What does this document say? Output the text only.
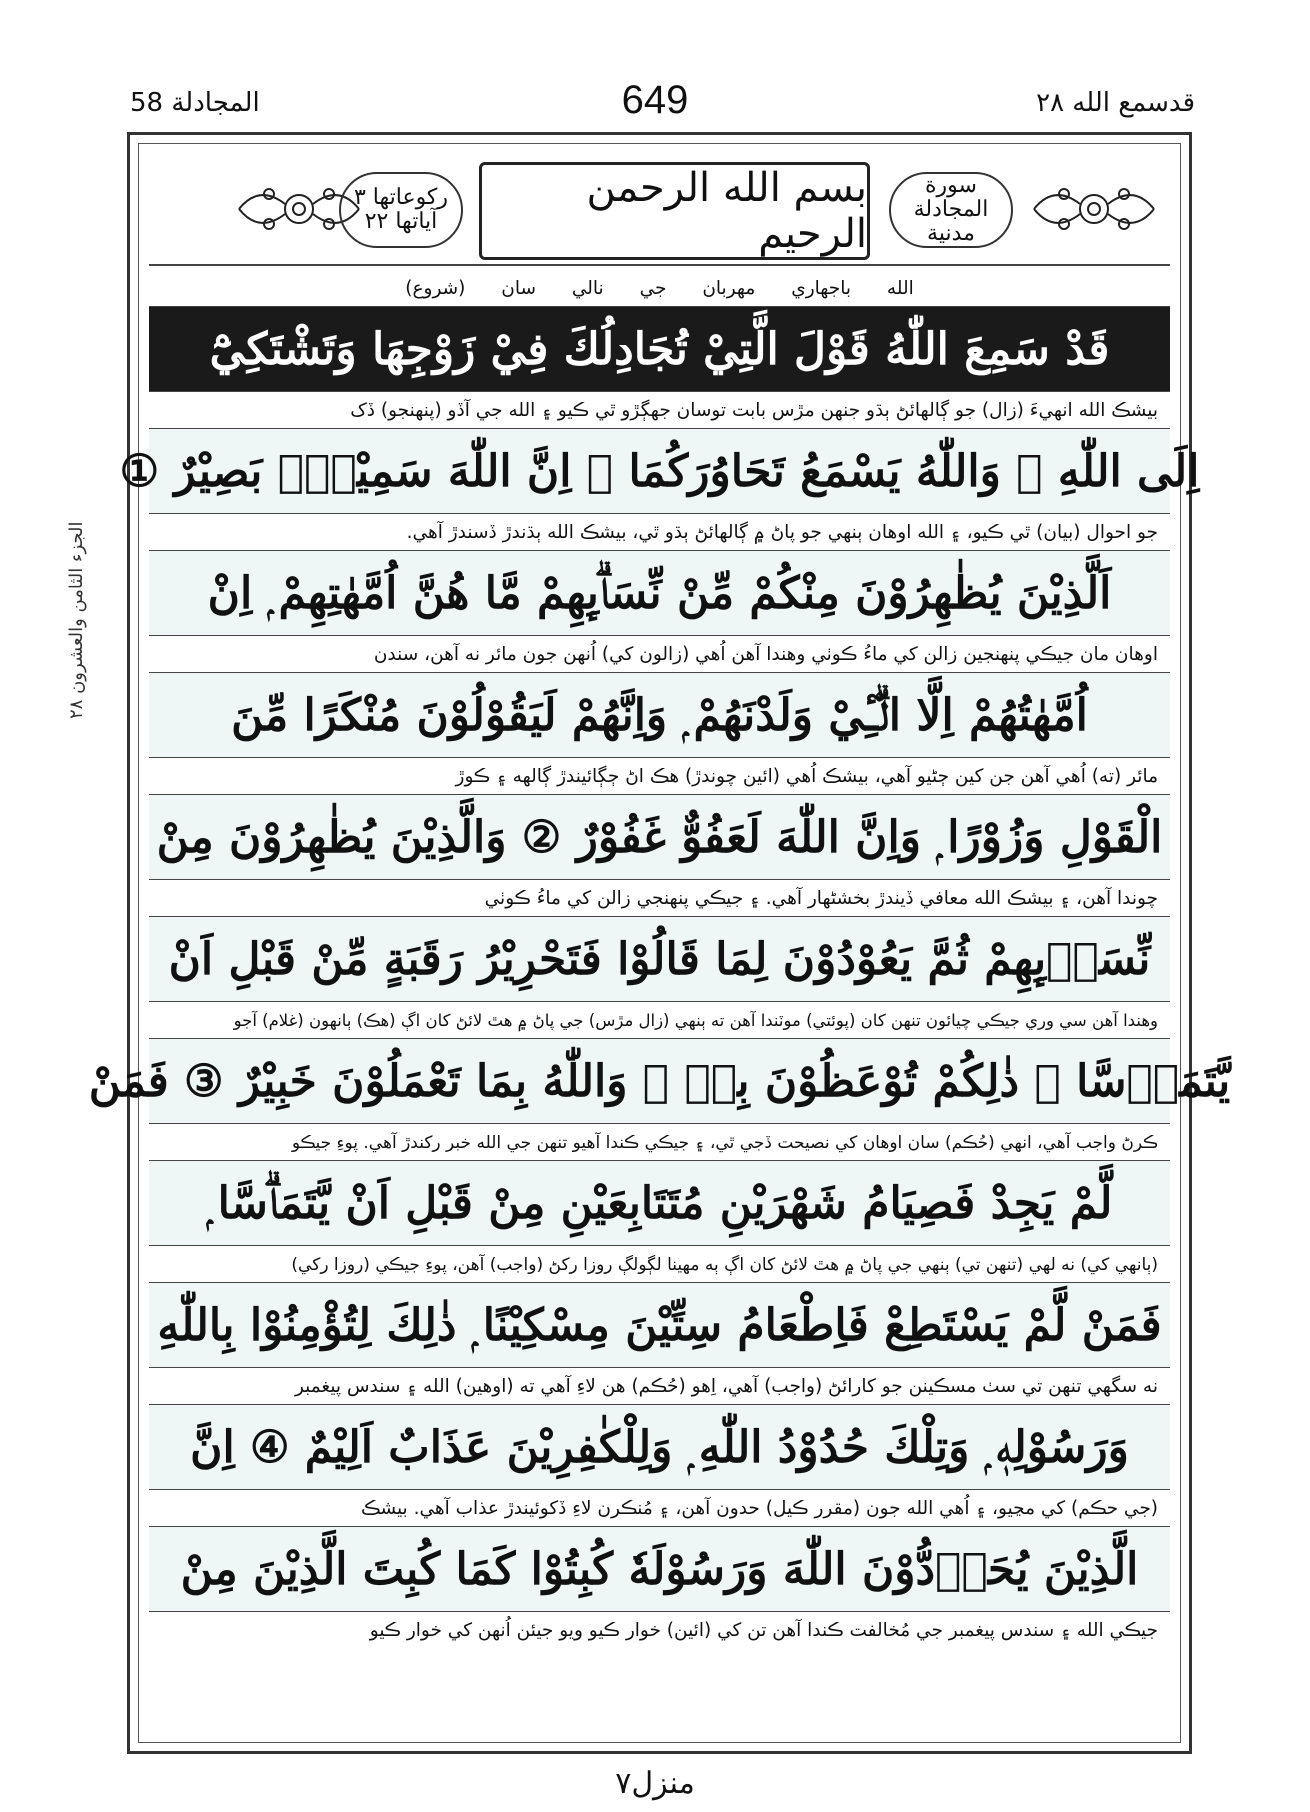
المجادلة 58	649	قدسمع الله ٢٨
الجزء الثامن والعشرون ٢٨
ركوعاتها ٣ آياتها ٢٢
بسم الله الرحمن الرحيم
سورة المجادلة مدنية
الله باجهاري مهربان جي نالي سان (شروع)
قَدْ سَمِعَ اللّٰهُ قَوْلَ الَّتِيْ تُجَادِلُكَ فِيْ زَوْجِهَا وَتَشْتَكِيْٓ
بيشڪ الله انهيءَ (زال) جو ڳالهائڻ ٻڌو جنهن مڙس بابت توسان جهڳڙو ٿي ڪيو ۽ الله جي آڏو (پنهنجو) ڏک
اِلَى اللّٰهِ ۖ وَاللّٰهُ يَسْمَعُ تَحَاوُرَكُمَا ۭ اِنَّ اللّٰهَ سَمِيْعٌۢ بَصِيْرٌ ①
جو احوال (بيان) ٿي ڪيو، ۽ الله اوهان ٻنهي جو پاڻ ۾ ڳالهائڻ ٻڌو ٿي، بيشڪ الله ٻڌندڙ ڏسندڙ آهي.
اَلَّذِيْنَ يُظٰهِرُوْنَ مِنْكُمْ مِّنْ نِّسَاۗىِٕهِمْ مَّا هُنَّ اُمَّهٰتِهِمْ ۭ اِنْ
اوهان مان جيڪي پنهنجين زالن کي ماءُ ڪوٺي وهندا آهن اُهي (زالون کي) اُنهن جون مائر نه آهن، سندن
اُمَّهٰتُهُمْ اِلَّا الّٰۗـِٔيْ وَلَدْنَهُمْ ۭ وَاِنَّهُمْ لَيَقُوْلُوْنَ مُنْكَرًا مِّنَ
مائر (ته) اُهي آهن جن کين ڄڻيو آهي، بيشڪ اُهي (ائين چوندڙ) هڪ اڻ ڄڳائيندڙ ڳالهه ۽ ڪوڙ
الْقَوْلِ وَزُوْرًا ۭ وَاِنَّ اللّٰهَ لَعَفُوٌّ غَفُوْرٌ ② وَالَّذِيْنَ يُظٰهِرُوْنَ مِنْ
چوندا آهن، ۽ بيشڪ الله معافي ڏيندڙ بخشڻهار آهي. ۽ جيڪي پنهنجي زالن کي ماءُ ڪوٺي
نِّسَاۗىِٕهِمْ ثُمَّ يَعُوْدُوْنَ لِمَا قَالُوْا فَتَحْرِيْرُ رَقَبَةٍ مِّنْ قَبْلِ اَنْ
وهندا آهن سي وري جيڪي چيائون تنهن کان (پوئتي) موٽندا آهن ته ٻنهي (زال مڙس) جي پاڻ ۾ هٿ لائڻ کان اڳ (هڪ) ٻانهون (غلام) آجو
يَّتَمَاۗسَّا ۭ ذٰلِكُمْ تُوْعَظُوْنَ بِهٖ ۭ وَاللّٰهُ بِمَا تَعْمَلُوْنَ خَبِيْرٌ ③ فَمَنْ
ڪرڻ واجب آهي، انهي (حُڪم) سان اوهان کي نصيحت ڏجي ٿي، ۽ جيڪي ڪندا آهيو تنهن جي الله خبر رکندڙ آهي. پوءِ جيڪو
لَّمْ يَجِدْ فَصِيَامُ شَهْرَيْنِ مُتَتَابِعَيْنِ مِنْ قَبْلِ اَنْ يَّتَمَاۗسَّا ۭ
(ٻانهي کي) نه لهي (تنهن تي) ٻنهي جي پاڻ ۾ هٿ لائڻ کان اڳ ٻه مهينا لڳولڳ روزا رکڻ (واجب) آهن، پوءِ جيڪي (روزا رکي)
فَمَنْ لَّمْ يَسْتَطِعْ فَاِطْعَامُ سِتِّيْنَ مِسْكِيْنًا ۭ ذٰلِكَ لِتُؤْمِنُوْا بِاللّٰهِ
نه سگهي تنهن تي سٺ مسڪينن جو کارائڻ (واجب) آهي، اِهو (حُڪم) هن لاءِ آهي ته (اوهين) الله ۽ سندس پيغمبر
وَرَسُوْلِهٖ ۭ وَتِلْكَ حُدُوْدُ اللّٰهِ ۭ وَلِلْكٰفِرِيْنَ عَذَابٌ اَلِيْمٌ ④ اِنَّ
(جي حڪم) کي مڃيو، ۽ اُهي الله جون (مقرر ڪيل) حدون آهن، ۽ مُنڪرن لاءِ ڏکوئيندڙ عذاب آهي. بيشڪ
الَّذِيْنَ يُحَاۗدُّوْنَ اللّٰهَ وَرَسُوْلَهٗ كُبِتُوْا كَمَا كُبِتَ الَّذِيْنَ مِنْ
جيڪي الله ۽ سندس پيغمبر جي مُخالفت ڪندا آهن تن کي (ائين) خوار ڪيو ويو جيئن اُنهن کي خوار ڪيو
منزل٧
